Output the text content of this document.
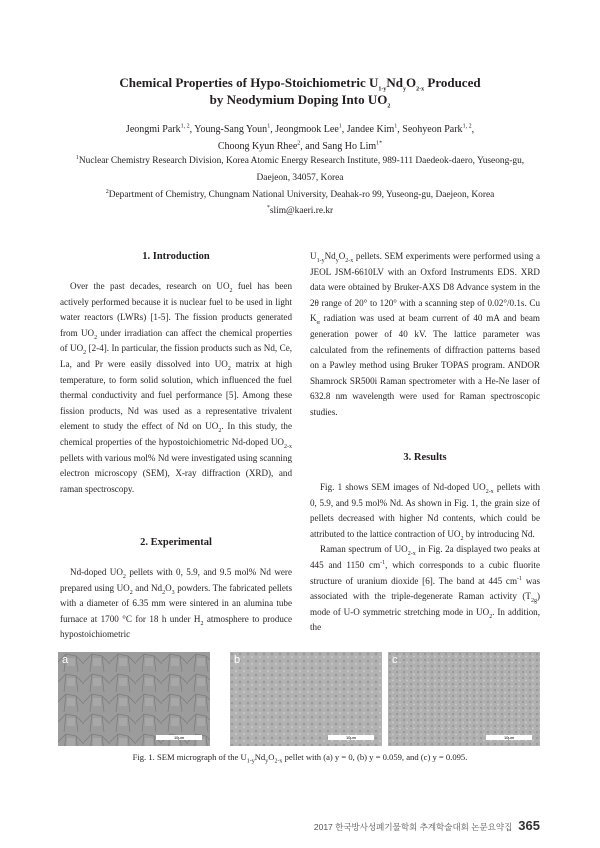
Chemical Properties of Hypo-Stoichiometric $U_{1-y}Nd_yO_{2-x}$ Produced
by Neodymium Doping Into $UO_2$
Jeongmi Park$^{1, 2}$, Young-Sang Youn$^1$, Jeongmook Lee$^1$, Jandee Kim$^1$, Seohyeon Park$^{1, 2}$,
Choong Kyun Rhee$^2$, and Sang Ho Lim$^{1*}$
$^1$Nuclear Chemistry Research Division, Korea Atomic Energy Research Institute, 989-111 Daedeok-daero, Yuseong-gu, Daejeon, 34057, Korea
$^2$Department of Chemistry, Chungnam National University, Deahak-ro 99, Yuseong-gu, Daejeon, Korea
*slim@kaeri.re.kr

1. Introduction

Over the past decades, research on $UO_2$ fuel has been actively performed because it is nuclear fuel to be used in light water reactors (LWRs) [1-5]. The fission products generated from $UO_2$ under irradiation can affect the chemical properties of $UO_2$ [2-4]. In particular, the fission products such as Nd, Ce, La, and Pr were easily dissolved into $UO_2$ matrix at high temperature, to form solid solution, which influenced the fuel thermal conductivity and fuel performance [5]. Among these fission products, Nd was used as a representative trivalent element to study the effect of Nd on $UO_2$. In this study, the chemical properties of the hypostoichiometric Nd-doped $UO_{2-x}$ pellets with various mol% Nd were investigated using scanning electron microscopy (SEM), X-ray diffraction (XRD), and raman spectroscopy.

2. Experimental

Nd-doped $UO_2$ pellets with 0, 5.9, and 9.5 mol% Nd were prepared using $UO_2$ and $Nd_2O_3$ powders. The fabricated pellets with a diameter of 6.35 mm were sintered in an alumina tube furnace at 1700 °C for 18 h under $H_2$ atmosphere to produce hypostoichiometric

$U_{1-y}Nd_yO_{2-x}$ pellets. SEM experiments were performed using a JEOL JSM-6610LV with an Oxford Instruments EDS. XRD data were obtained by Bruker-AXS D8 Advance system in the 2θ range of 20° to 120° with a scanning step of 0.02°/0.1s. Cu $K_\alpha$ radiation was used at beam current of 40 mA and beam generation power of 40 kV. The lattice parameter was calculated from the refinements of diffraction patterns based on a Pawley method using Bruker TOPAS program. ANDOR Shamrock SR500i Raman spectrometer with a He-Ne laser of 632.8 nm wavelength were used for Raman spectroscopic studies.

3. Results

Fig. 1 shows SEM images of Nd-doped $UO_{2-x}$ pellets with 0, 5.9, and 9.5 mol% Nd. As shown in Fig. 1, the grain size of pellets decreased with higher Nd contents, which could be attributed to the lattice contraction of $UO_2$ by introducing Nd.

Raman spectrum of $UO_{2-x}$ in Fig. 2a displayed two peaks at 445 and 1150 $cm^{-1}$, which corresponds to a cubic fluorite structure of uranium dioxide [6]. The band at 445 $cm^{-1}$ was associated with the triple-degenerate Raman activity $(T_{2g})$ mode of U-O symmetric stretching mode in $UO_2$. In addition, the

a
10μm
b
10μm
c
10μm
Fig. 1. SEM micrograph of the $U_{1-y}Nd_yO_{2-x}$ pellet with (a) y = 0, (b) y = 0.059, and (c) y = 0.095.
2017 한국방사성폐기물학회 추계학술대회 논문요약집 365
